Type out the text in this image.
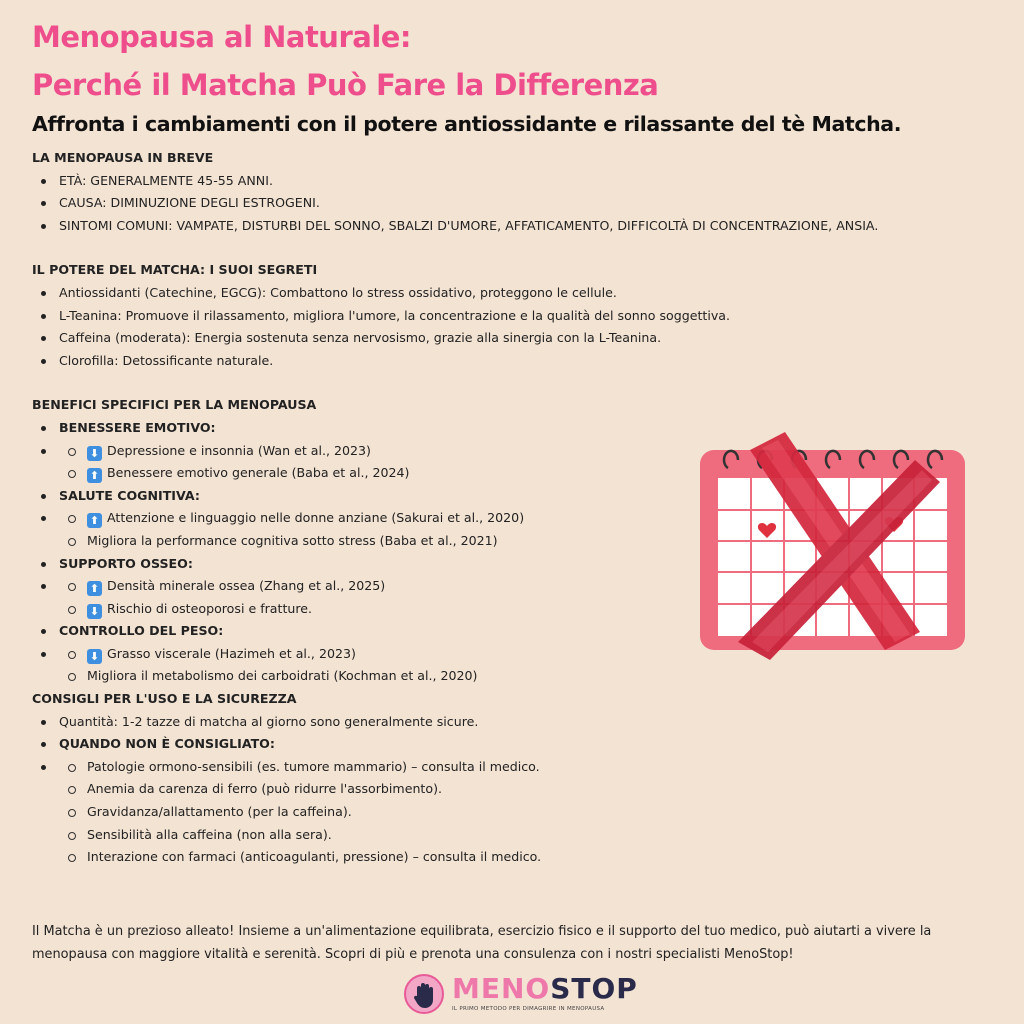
Menopausa al Naturale:
Perché il Matcha Può Fare la Differenza
Affronta i cambiamenti con il potere antiossidante e rilassante del tè Matcha.
LA MENOPAUSA IN BREVE
ETÀ: GENERALMENTE 45-55 ANNI.
CAUSA: DIMINUZIONE DEGLI ESTROGENI.
SINTOMI COMUNI: VAMPATE, DISTURBI DEL SONNO, SBALZI D'UMORE, AFFATICAMENTO, DIFFICOLTÀ DI CONCENTRAZIONE, ANSIA.
IL POTERE DEL MATCHA: I SUOI SEGRETI
Antiossidanti (Catechine, EGCG): Combattono lo stress ossidativo, proteggono le cellule.
L-Teanina: Promuove il rilassamento, migliora l'umore, la concentrazione e la qualità del sonno soggettiva.
Caffeina (moderata): Energia sostenuta senza nervosismo, grazie alla sinergia con la L-Teanina.
Clorofilla: Detossificante naturale.
BENEFICI SPECIFICI PER LA MENOPAUSA
BENESSERE EMOTIVO:
⬇ Depressione e insonnia (Wan et al., 2023)
⬆ Benessere emotivo generale (Baba et al., 2024)
SALUTE COGNITIVA:
⬆ Attenzione e linguaggio nelle donne anziane (Sakurai et al., 2020)
Migliora la performance cognitiva sotto stress (Baba et al., 2021)
SUPPORTO OSSEO:
⬆ Densità minerale ossea (Zhang et al., 2025)
⬇ Rischio di osteoporosi e fratture.
CONTROLLO DEL PESO:
⬇ Grasso viscerale (Hazimeh et al., 2023)
Migliora il metabolismo dei carboidrati (Kochman et al., 2020)
CONSIGLI PER L'USO E LA SICUREZZA
Quantità: 1-2 tazze di matcha al giorno sono generalmente sicure.
QUANDO NON È CONSIGLIATO:
Patologie ormono-sensibili (es. tumore mammario) – consulta il medico.
Anemia da carenza di ferro (può ridurre l'assorbimento).
Gravidanza/allattamento (per la caffeina).
Sensibilità alla caffeina (non alla sera).
Interazione con farmaci (anticoagulanti, pressione) – consulta il medico.
Il Matcha è un prezioso alleato! Insieme a un'alimentazione equilibrata, esercizio fisico e il supporto del tuo medico, può aiutarti a vivere la menopausa con maggiore vitalità e serenità. Scopri di più e prenota una consulenza con i nostri specialisti MenoStop!
MENOSTOP
IL PRIMO METODO PER DIMAGRIRE IN MENOPAUSA
